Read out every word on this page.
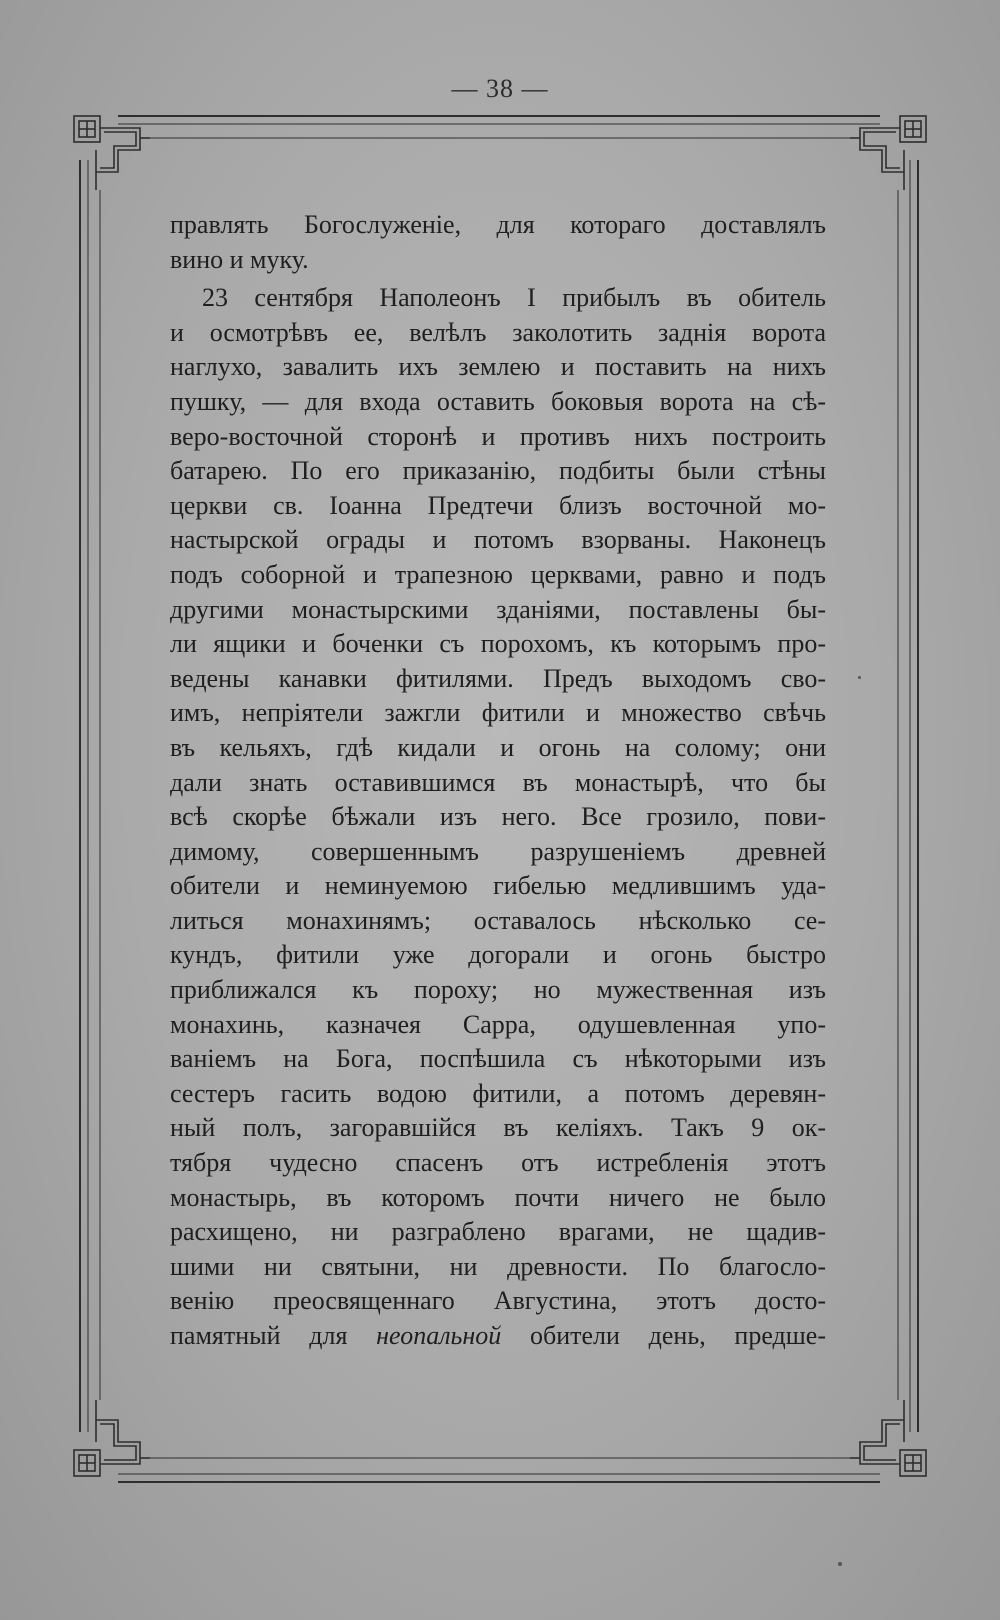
— 38 —
правлять Богослуженіе, для котораго доставлялъ
вино и муку.
23 сентября Наполеонъ I прибылъ въ обитель
и осмотрѣвъ ее, велѣлъ заколотить заднія ворота
наглухо, завалить ихъ землею и поставить на нихъ
пушку, — для входа оставить боковыя ворота на сѣ-
веро-восточной сторонѣ и противъ нихъ построить
батарею. По его приказанію, подбиты были стѣны
церкви св. Іоанна Предтечи близъ восточной мо-
настырской ограды и потомъ взорваны. Наконецъ
подъ соборной и трапезною церквами, равно и подъ
другими монастырскими зданіями, поставлены бы-
ли ящики и боченки съ порохомъ, къ которымъ про-
ведены канавки фитилями. Предъ выходомъ сво-
имъ, непріятели зажгли фитили и множество свѣчь
въ кельяхъ, гдѣ кидали и огонь на солому; они
дали знать оставившимся въ монастырѣ, что бы
всѣ скорѣе бѣжали изъ него. Все грозило, пови-
димому, совершеннымъ разрушеніемъ древней
обители и неминуемою гибелью медлившимъ уда-
литься монахинямъ; оставалось нѣсколько се-
кундъ, фитили уже догорали и огонь быстро
приближался къ пороху; но мужественная изъ
монахинь, казначея Сарра, одушевленная упо-
ваніемъ на Бога, поспѣшила съ нѣкоторыми изъ
сестеръ гасить водою фитили, а потомъ деревян-
ный полъ, загоравшійся въ келіяхъ. Такъ 9 ок-
тября чудесно спасенъ отъ истребленія этотъ
монастырь, въ которомъ почти ничего не было
расхищено, ни разграблено врагами, не щадив-
шими ни святыни, ни древности. По благосло-
венію преосвященнаго Августина, этотъ досто-
памятный для неопальной обители день, предше-
